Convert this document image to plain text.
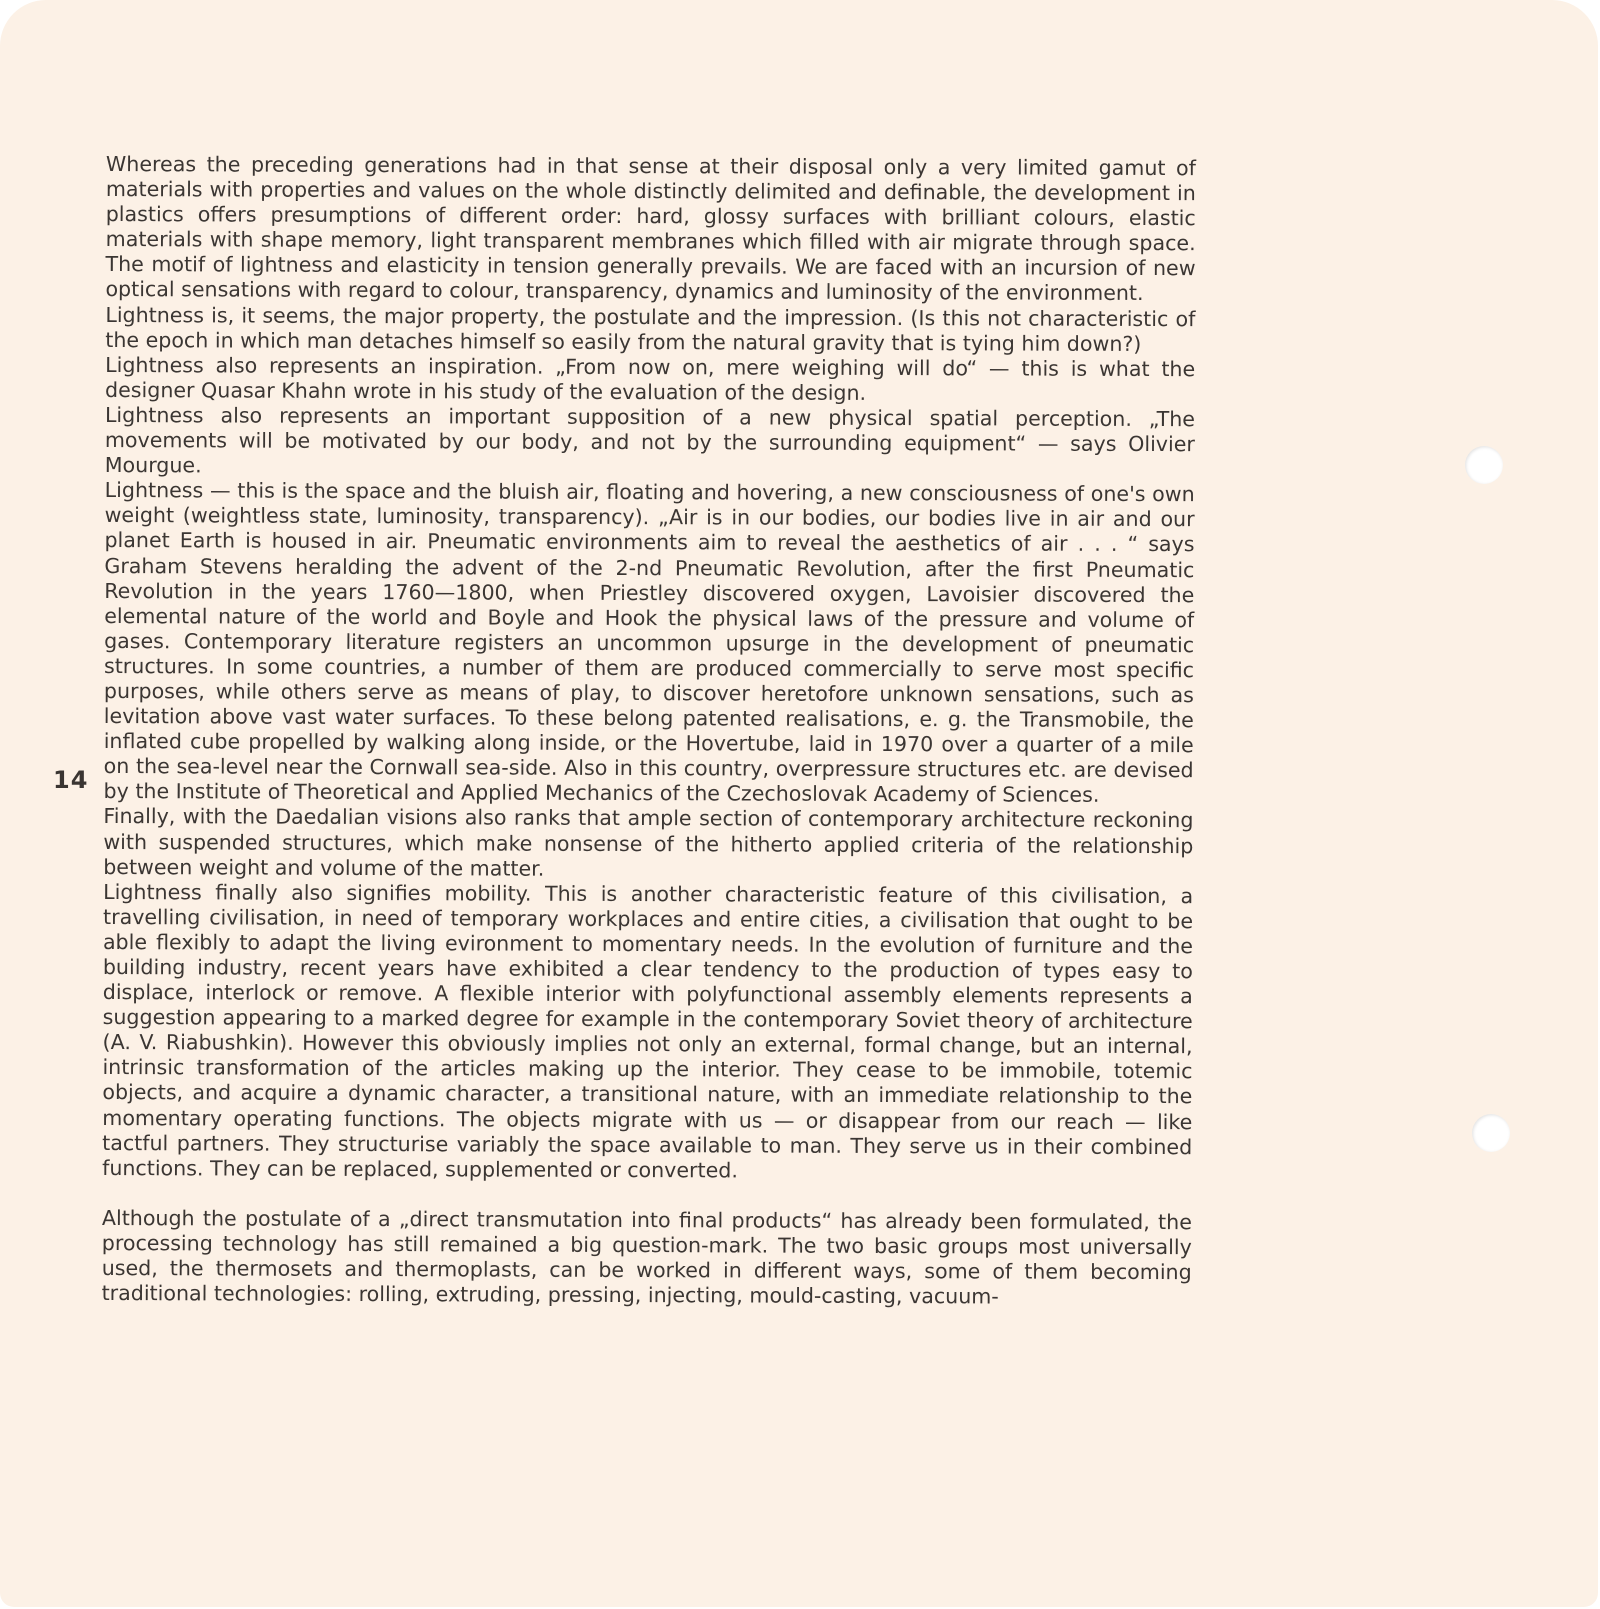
14

Whereas the preceding generations had in that sense at their disposal only a very limited gamut of materials with properties and values on the whole distinctly delimited and definable, the development in plastics offers presumptions of different order: hard, glossy surfaces with brilliant colours, elastic materials with shape memory, light transparent membranes which filled with air migrate through space. The motif of lightness and elasticity in tension generally prevails. We are faced with an incursion of new optical sensations with regard to colour, transparency, dynamics and luminosity of the environment.

Lightness is, it seems, the major property, the postulate and the impression. (Is this not characteristic of the epoch in which man detaches himself so easily from the natural gravity that is tying him down?)

Lightness also represents an inspiration. „From now on, mere weighing will do“ — this is what the designer Quasar Khahn wrote in his study of the evaluation of the design.

Lightness also represents an important supposition of a new physical spatial perception. „The movements will be motivated by our body, and not by the surrounding equipment“ — says Olivier Mourgue.

Lightness — this is the space and the bluish air, floating and hovering, a new consciousness of one's own weight (weightless state, luminosity, transparency). „Air is in our bodies, our bodies live in air and our planet Earth is housed in air. Pneumatic environments aim to reveal the aesthetics of air . . . “ says Graham Stevens heralding the advent of the 2-nd Pneumatic Revolution, after the first Pneumatic Revolution in the years 1760—1800, when Priestley discovered oxygen, Lavoisier discovered the elemental nature of the world and Boyle and Hook the physical laws of the pressure and volume of gases. Contemporary literature registers an uncommon upsurge in the development of pneumatic structures. In some countries, a number of them are produced commercially to serve most specific purposes, while others serve as means of play, to discover heretofore unknown sensations, such as levitation above vast water surfaces. To these belong patented realisations, e. g. the Transmobile, the inflated cube propelled by walking along inside, or the Hovertube, laid in 1970 over a quarter of a mile on the sea-level near the Cornwall sea-side. Also in this country, overpressure structures etc. are devised by the Institute of Theoretical and Applied Mechanics of the Czechoslovak Academy of Sciences.

Finally, with the Daedalian visions also ranks that ample section of contemporary architecture reckoning with suspended structures, which make nonsense of the hitherto applied criteria of the relationship between weight and volume of the matter.

Lightness finally also signifies mobility. This is another characteristic feature of this civilisation, a travelling civilisation, in need of temporary workplaces and entire cities, a civilisation that ought to be able flexibly to adapt the living evironment to momentary needs. In the evolution of furniture and the building industry, recent years have exhibited a clear tendency to the production of types easy to displace, interlock or remove. A flexible interior with polyfunctional assembly elements represents a suggestion appearing to a marked degree for example in the contemporary Soviet theory of architecture (A. V. Riabushkin). However this obviously implies not only an external, formal change, but an internal, intrinsic transformation of the articles making up the interior. They cease to be immobile, totemic objects, and acquire a dynamic character, a transitional nature, with an immediate relationship to the momentary operating functions. The objects migrate with us — or disappear from our reach — like tactful partners. They structurise variably the space available to man. They serve us in their combined functions. They can be replaced, supplemented or converted.

Although the postulate of a „direct transmutation into final products“ has already been formulated, the processing technology has still remained a big question-mark. The two basic groups most universally used, the thermosets and thermoplasts, can be worked in different ways, some of them becoming traditional technologies: rolling, extruding, pressing, injecting, mould-casting, vacuum-
